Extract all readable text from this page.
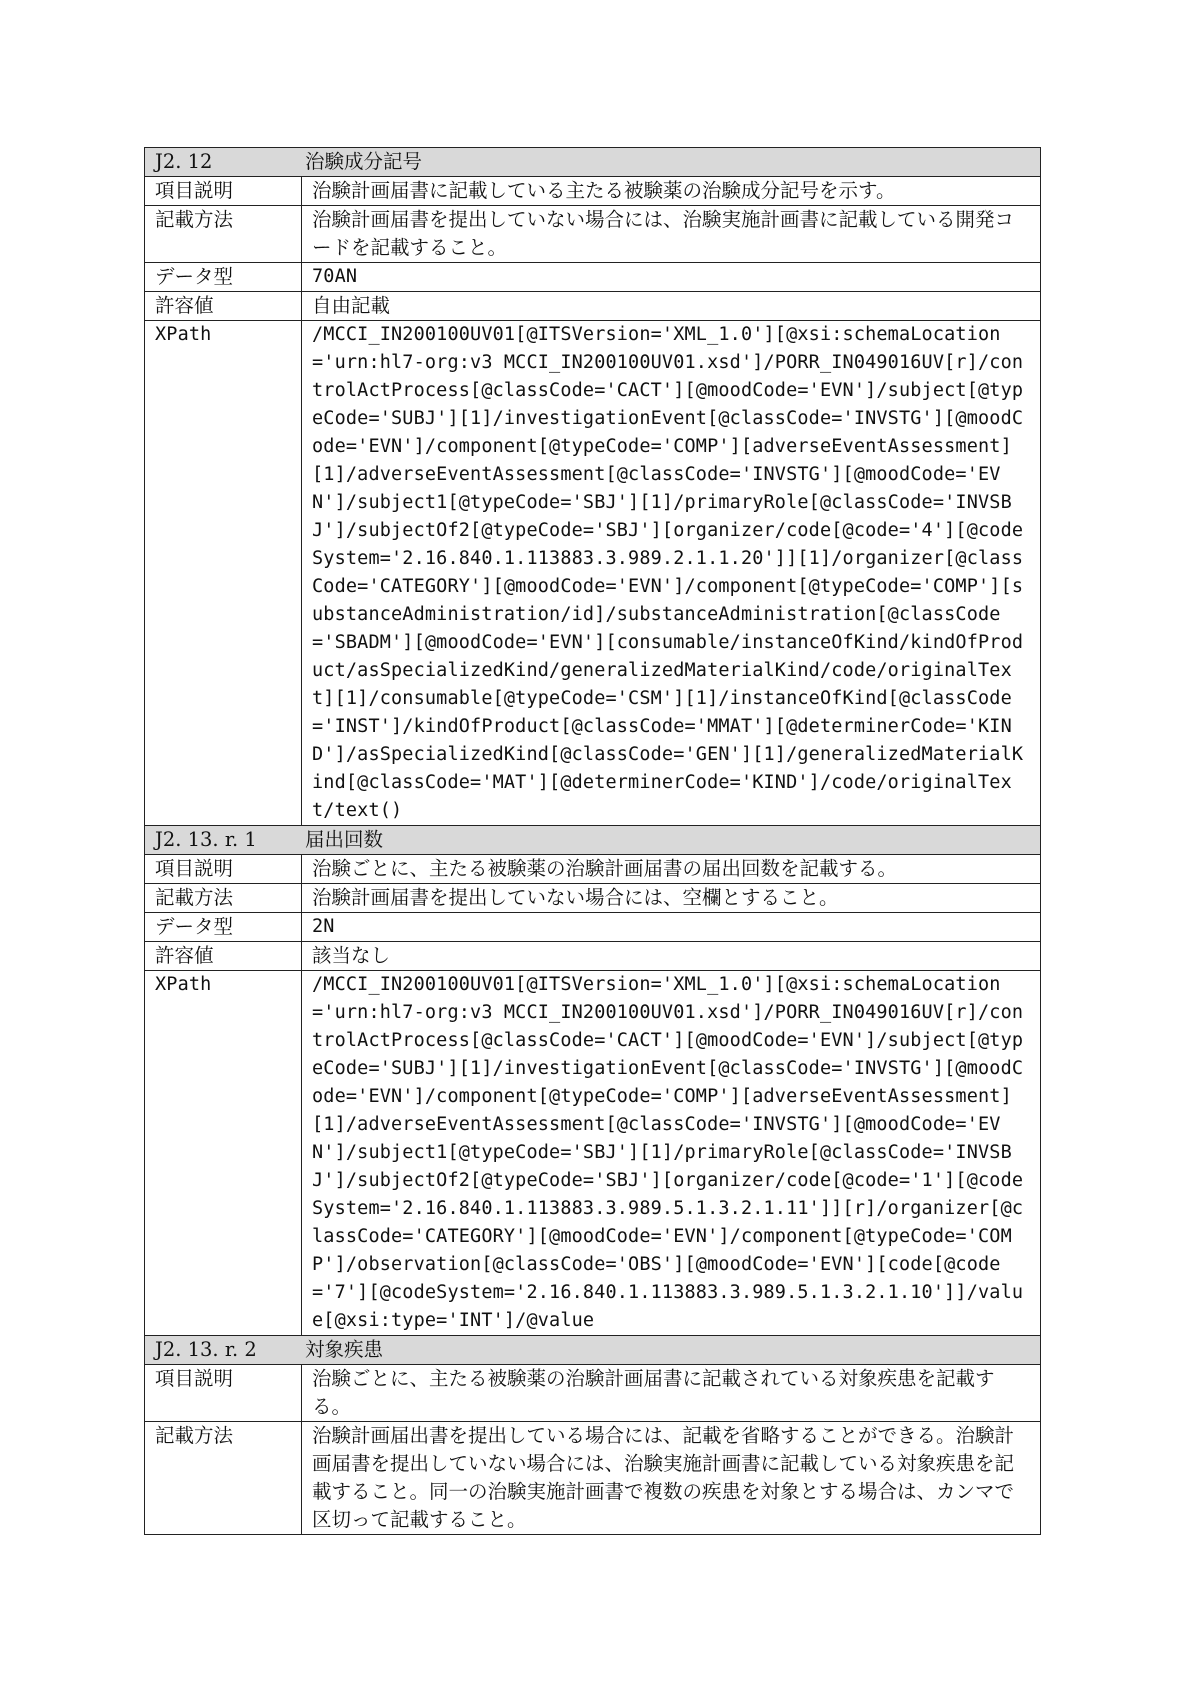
J2. 12 治験成分記号	
項目説明	治験計画届書に記載している主たる被験薬の治験成分記号を示す。
記載方法	治験計画届書を提出していない場合には、治験実施計画書に記載している開発コードを記載すること。
データ型	70AN
許容値	自由記載
XPath	/MCCI_IN200100UV01[@ITSVersion='XML_1.0'][@xsi:schemaLocation='urn:hl7-org:v3 MCCI_IN200100UV01.xsd']/PORR_IN049016UV[r]/controlActProcess[@classCode='CACT'][@moodCode='EVN']/subject[@typeCode='SUBJ'][1]/investigationEvent[@classCode='INVSTG'][@moodCode='EVN']/component[@typeCode='COMP'][adverseEventAssessment][1]/adverseEventAssessment[@classCode='INVSTG'][@moodCode='EVN']/subject1[@typeCode='SBJ'][1]/primaryRole[@classCode='INVSBJ']/subjectOf2[@typeCode='SBJ'][organizer/code[@code='4'][@codeSystem='2.16.840.1.113883.3.989.2.1.1.20']][1]/organizer[@classCode='CATEGORY'][@moodCode='EVN']/component[@typeCode='COMP'][substanceAdministration/id]/substanceAdministration[@classCode='SBADM'][@moodCode='EVN'][consumable/instanceOfKind/kindOfProduct/asSpecializedKind/generalizedMaterialKind/code/originalText][1]/consumable[@typeCode='CSM'][1]/instanceOfKind[@classCode='INST']/kindOfProduct[@classCode='MMAT'][@determinerCode='KIND']/asSpecializedKind[@classCode='GEN'][1]/generalizedMaterialKind[@classCode='MAT'][@determinerCode='KIND']/code/originalText/text()
J2. 13. r. 1 届出回数	
項目説明	治験ごとに、主たる被験薬の治験計画届書の届出回数を記載する。
記載方法	治験計画届書を提出していない場合には、空欄とすること。
データ型	2N
許容値	該当なし
XPath	/MCCI_IN200100UV01[@ITSVersion='XML_1.0'][@xsi:schemaLocation='urn:hl7-org:v3 MCCI_IN200100UV01.xsd']/PORR_IN049016UV[r]/controlActProcess[@classCode='CACT'][@moodCode='EVN']/subject[@typeCode='SUBJ'][1]/investigationEvent[@classCode='INVSTG'][@moodCode='EVN']/component[@typeCode='COMP'][adverseEventAssessment][1]/adverseEventAssessment[@classCode='INVSTG'][@moodCode='EVN']/subject1[@typeCode='SBJ'][1]/primaryRole[@classCode='INVSBJ']/subjectOf2[@typeCode='SBJ'][organizer/code[@code='1'][@codeSystem='2.16.840.1.113883.3.989.5.1.3.2.1.11']][r]/organizer[@classCode='CATEGORY'][@moodCode='EVN']/component[@typeCode='COMP']/observation[@classCode='OBS'][@moodCode='EVN'][code[@code='7'][@codeSystem='2.16.840.1.113883.3.989.5.1.3.2.1.10']]/value[@xsi:type='INT']/@value
J2. 13. r. 2 対象疾患	
項目説明	治験ごとに、主たる被験薬の治験計画届書に記載されている対象疾患を記載する。
記載方法	治験計画届出書を提出している場合には、記載を省略することができる。治験計画届書を提出していない場合には、治験実施計画書に記載している対象疾患を記載すること。同一の治験実施計画書で複数の疾患を対象とする場合は、カンマで区切って記載すること。
